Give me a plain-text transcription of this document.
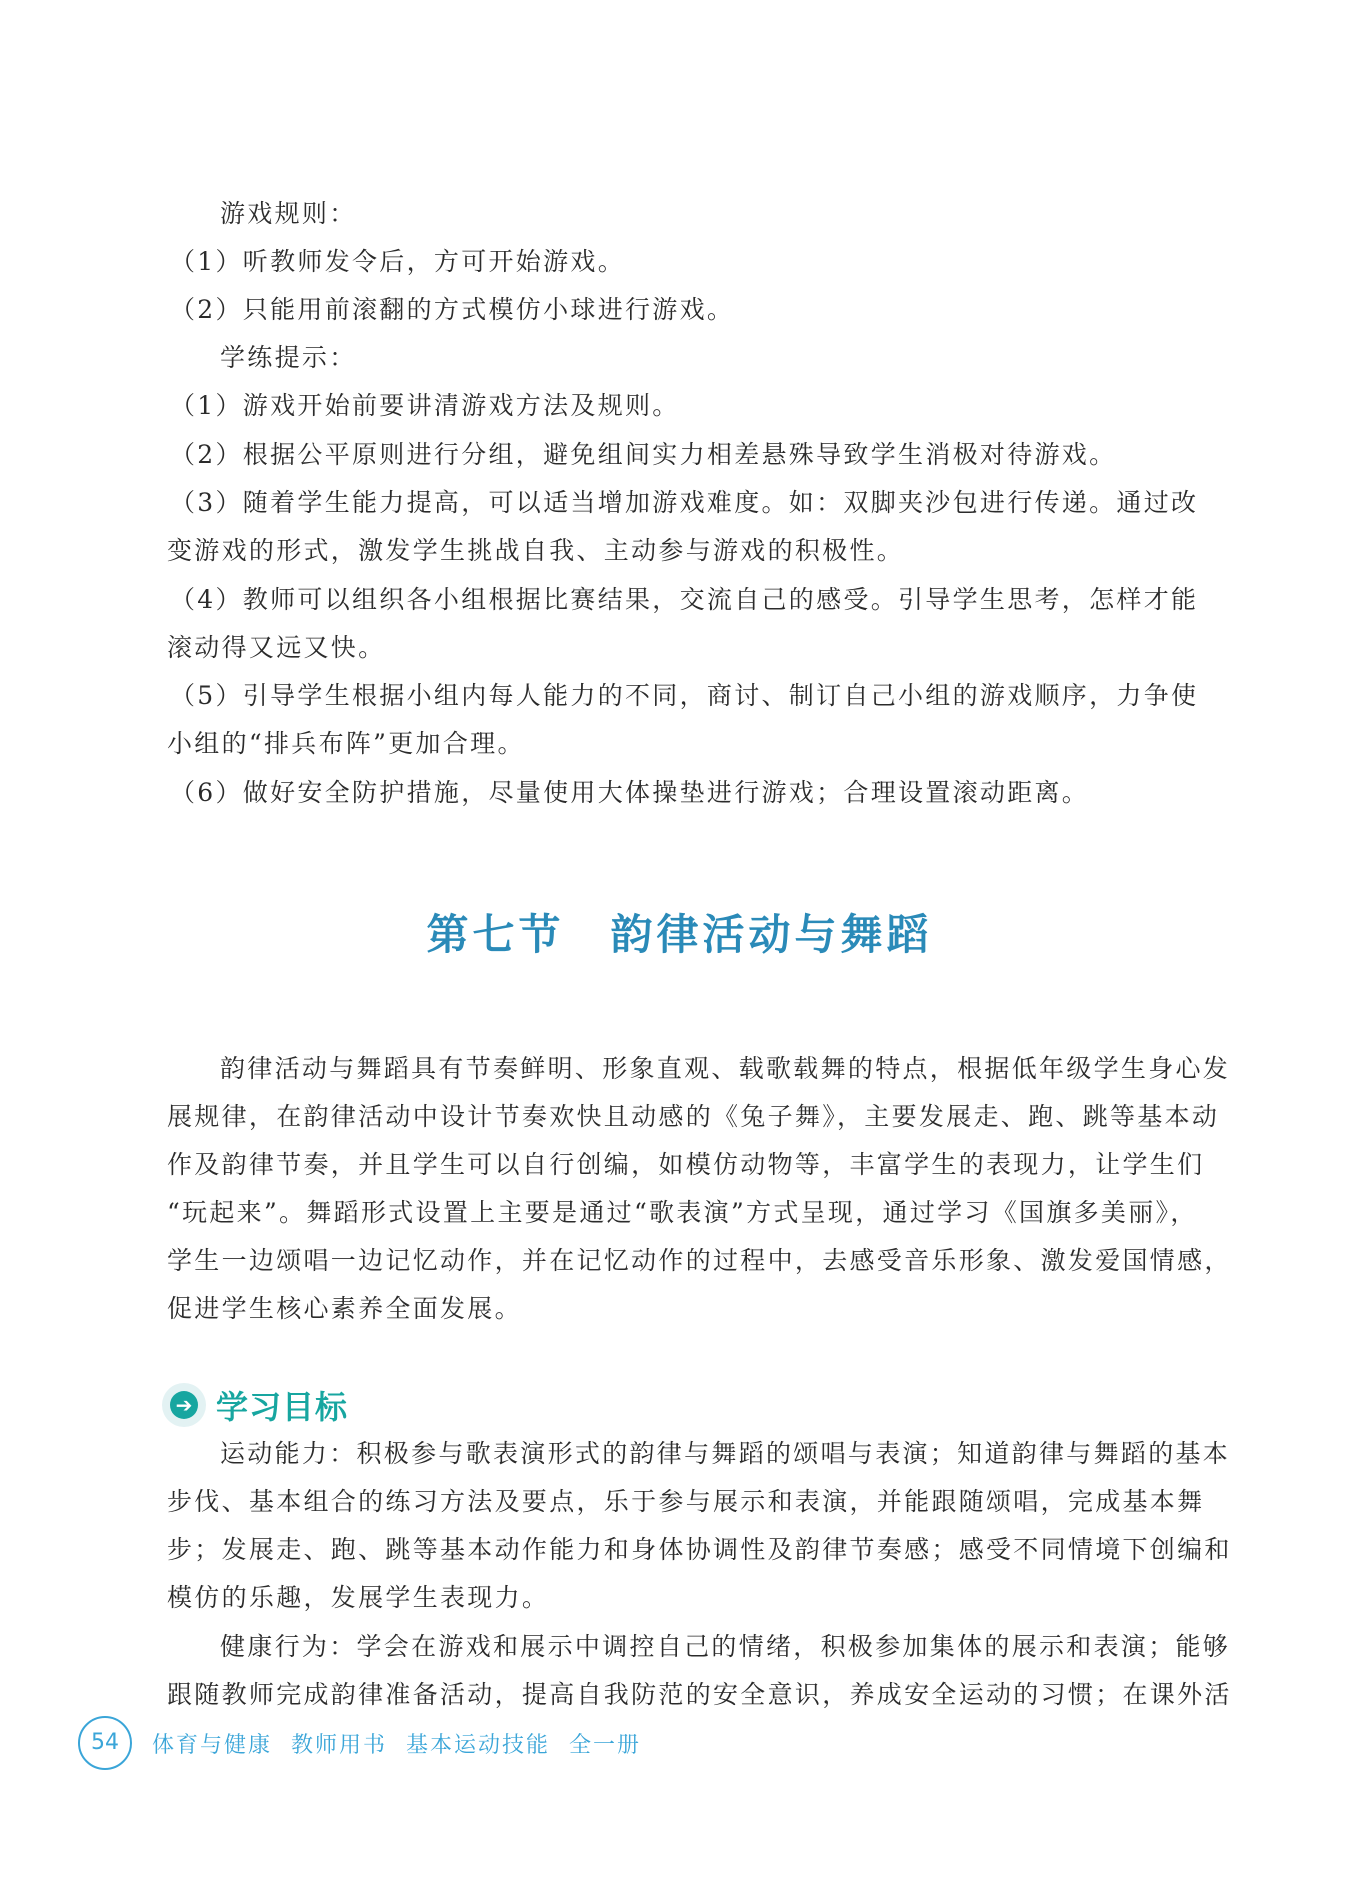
游戏规则：

（1）听教师发令后，方可开始游戏。

（2）只能用前滚翻的方式模仿小球进行游戏。

学练提示：

（1）游戏开始前要讲清游戏方法及规则。

（2）根据公平原则进行分组，避免组间实力相差悬殊导致学生消极对待游戏。

（3）随着学生能力提高，可以适当增加游戏难度。如：双脚夹沙包进行传递。通过改

变游戏的形式，激发学生挑战自我、主动参与游戏的积极性。

（4）教师可以组织各小组根据比赛结果，交流自己的感受。引导学生思考，怎样才能

滚动得又远又快。

（5）引导学生根据小组内每人能力的不同，商讨、制订自己小组的游戏顺序，力争使

小组的“排兵布阵”更加合理。

（6）做好安全防护措施，尽量使用大体操垫进行游戏；合理设置滚动距离。

韵律活动与舞蹈具有节奏鲜明、形象直观、载歌载舞的特点，根据低年级学生身心发

展规律，在韵律活动中设计节奏欢快且动感的《兔子舞》，主要发展走、跑、跳等基本动

作及韵律节奏，并且学生可以自行创编，如模仿动物等，丰富学生的表现力，让学生们

“玩起来”。舞蹈形式设置上主要是通过“歌表演”方式呈现，通过学习《国旗多美丽》，

学生一边颂唱一边记忆动作，并在记忆动作的过程中，去感受音乐形象、激发爱国情感，

促进学生核心素养全面发展。

运动能力：积极参与歌表演形式的韵律与舞蹈的颂唱与表演；知道韵律与舞蹈的基本

步伐、基本组合的练习方法及要点，乐于参与展示和表演，并能跟随颂唱，完成基本舞

步；发展走、跑、跳等基本动作能力和身体协调性及韵律节奏感；感受不同情境下创编和

模仿的乐趣，发展学生表现力。

健康行为：学会在游戏和展示中调控自己的情绪，积极参加集体的展示和表演；能够

跟随教师完成韵律准备活动，提高自我防范的安全意识，养成安全运动的习惯；在课外活

第七节 韵律活动与舞蹈
➔ 学习目标
54	体育与健康 教师用书 基本运动技能 全一册
